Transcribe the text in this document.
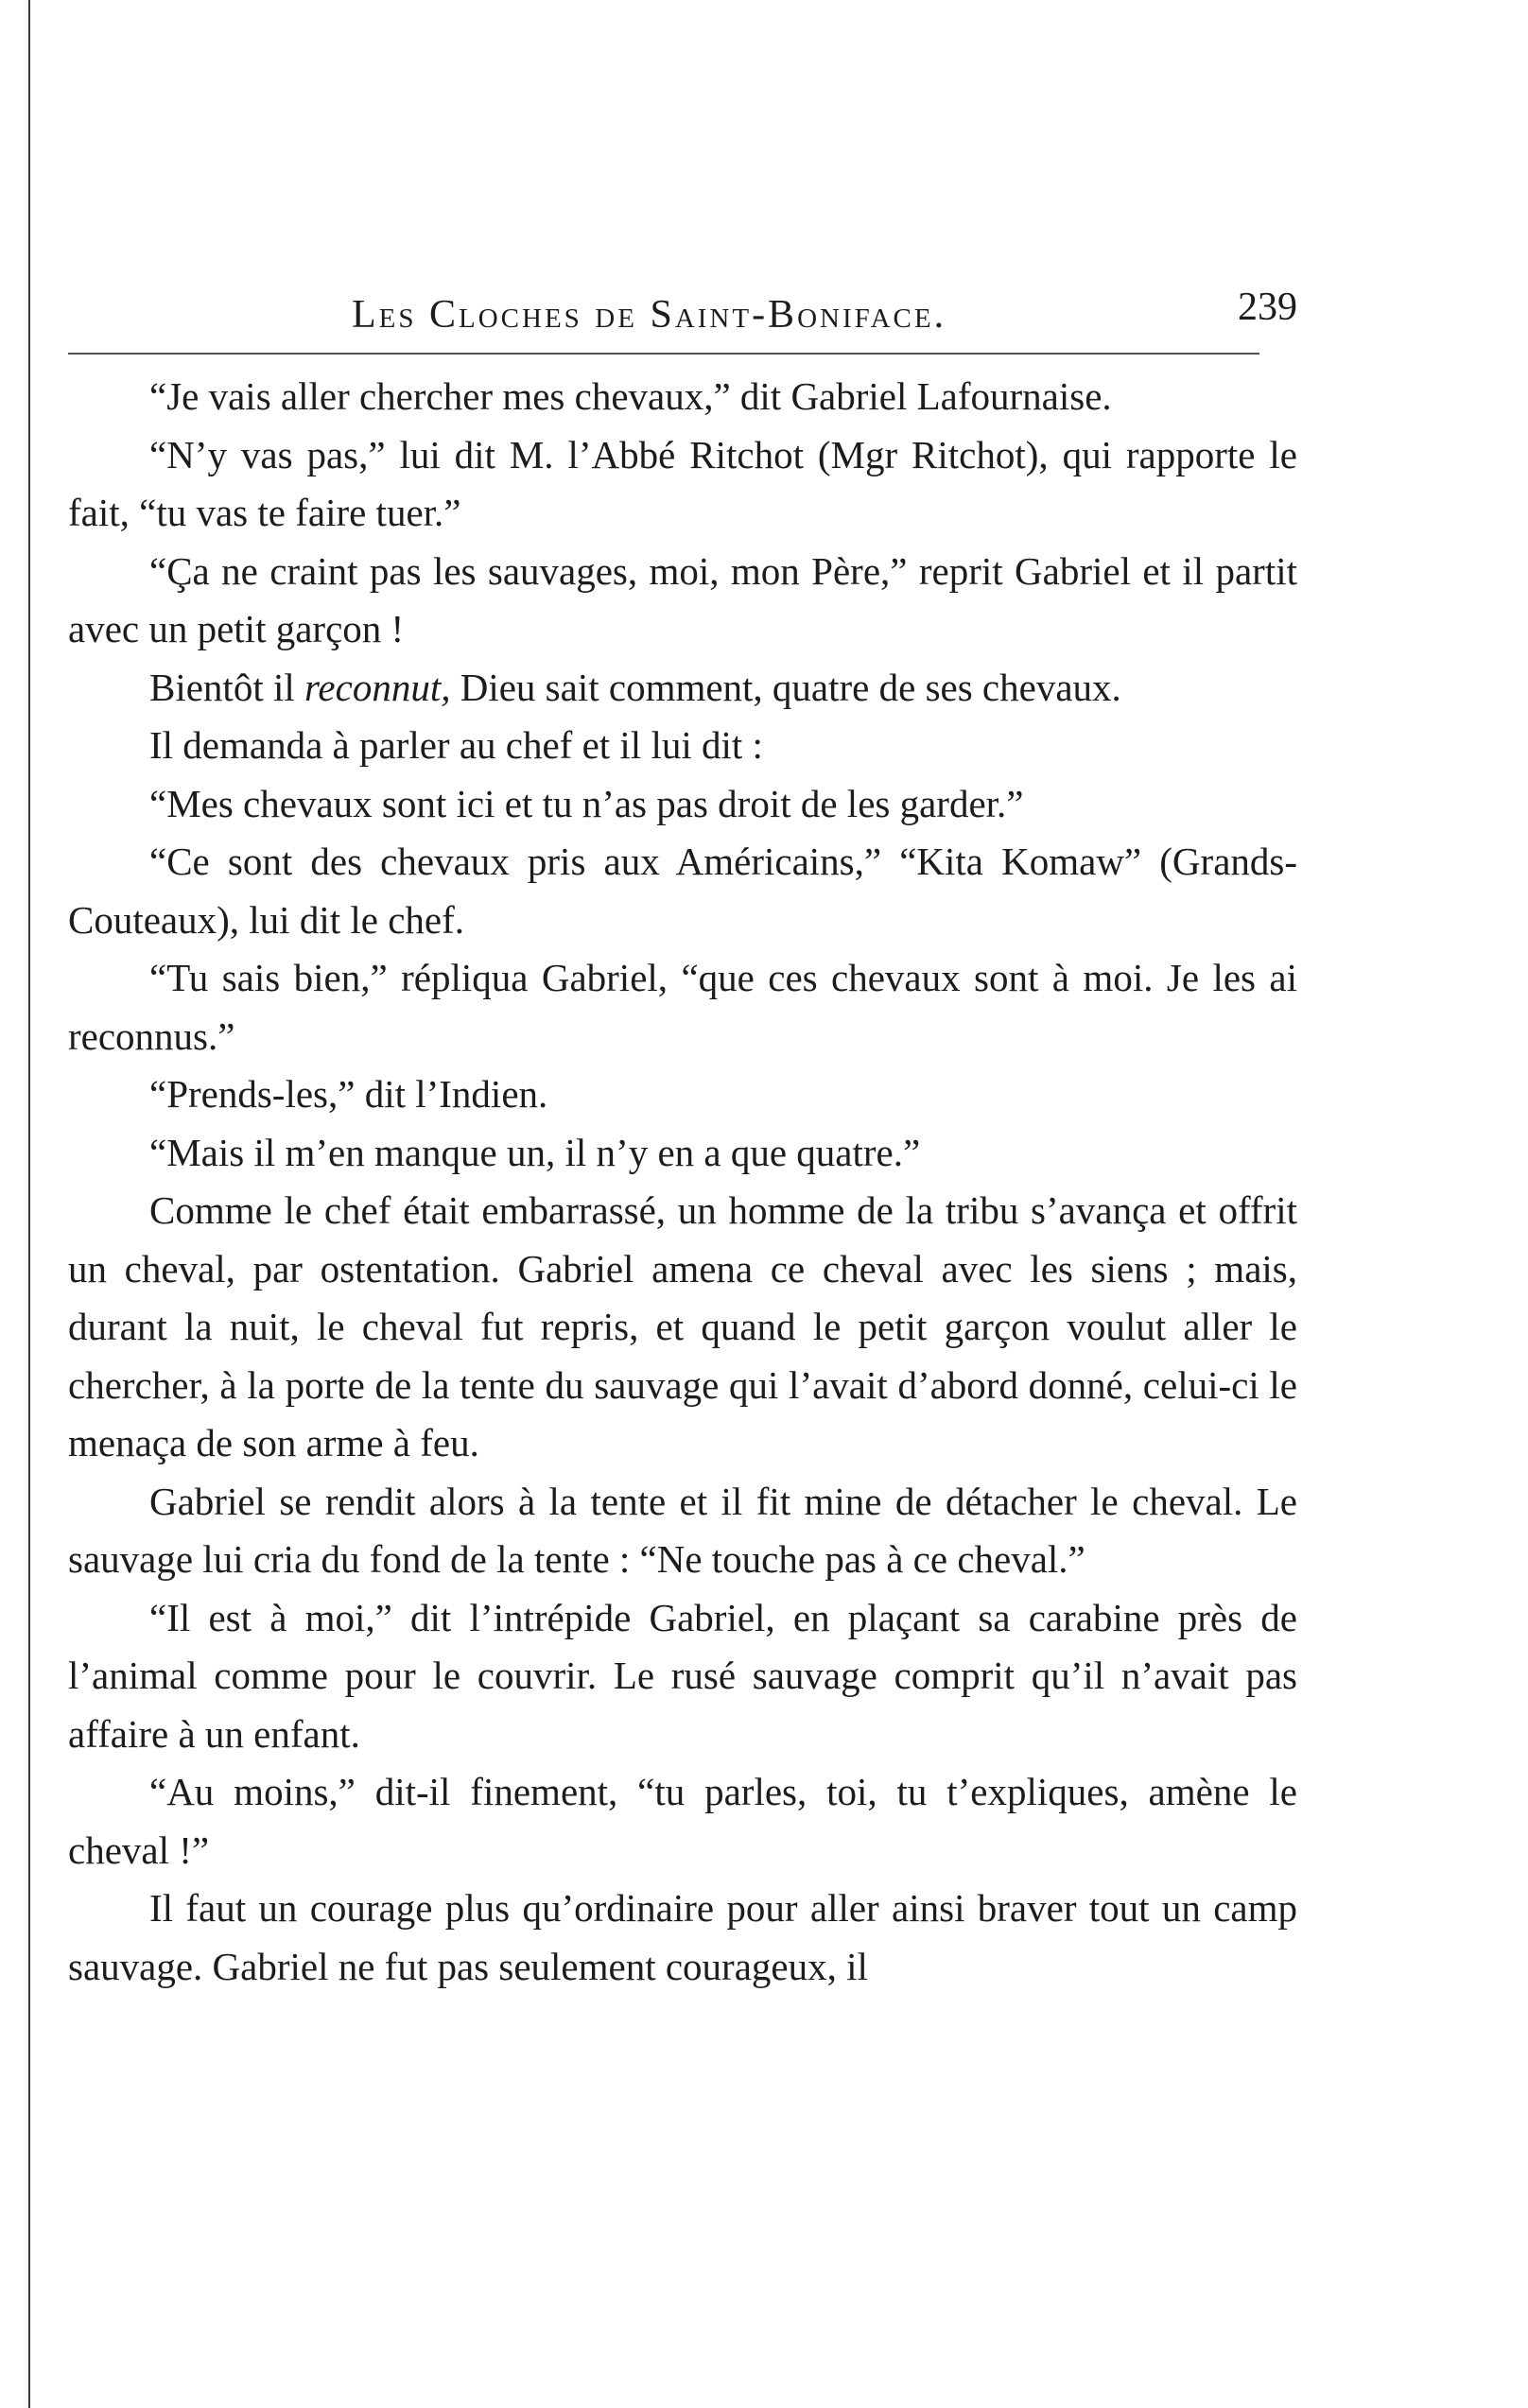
Les Cloches de Saint-Boniface.	239

“Je vais aller chercher mes chevaux,” dit Gabriel Lafournaise.

“N’y vas pas,” lui dit M. l’Abbé Ritchot (Mgr Ritchot), qui rapporte le fait, “tu vas te faire tuer.”

“Ça ne craint pas les sauvages, moi, mon Père,” reprit Gabriel et il partit avec un petit garçon !

Bientôt il reconnut, Dieu sait comment, quatre de ses chevaux.

Il demanda à parler au chef et il lui dit :

“Mes chevaux sont ici et tu n’as pas droit de les garder.”

“Ce sont des chevaux pris aux Américains,” “Kita Komaw” (Grands-Couteaux), lui dit le chef.

“Tu sais bien,” répliqua Gabriel, “que ces chevaux sont à moi. Je les ai reconnus.”

“Prends-les,” dit l’Indien.

“Mais il m’en manque un, il n’y en a que quatre.”

Comme le chef était embarrassé, un homme de la tribu s’avança et offrit un cheval, par ostentation. Gabriel amena ce cheval avec les siens ; mais, durant la nuit, le cheval fut repris, et quand le petit garçon voulut aller le chercher, à la porte de la tente du sauvage qui l’avait d’abord donné, celui-ci le menaça de son arme à feu.

Gabriel se rendit alors à la tente et il fit mine de détacher le cheval. Le sauvage lui cria du fond de la tente : “Ne touche pas à ce cheval.”

“Il est à moi,” dit l’intrépide Gabriel, en plaçant sa carabine près de l’animal comme pour le couvrir. Le rusé sauvage comprit qu’il n’avait pas affaire à un enfant.

“Au moins,” dit-il finement, “tu parles, toi, tu t’expliques, amène le cheval !”

Il faut un courage plus qu’ordinaire pour aller ainsi braver tout un camp sauvage. Gabriel ne fut pas seulement courageux, il
